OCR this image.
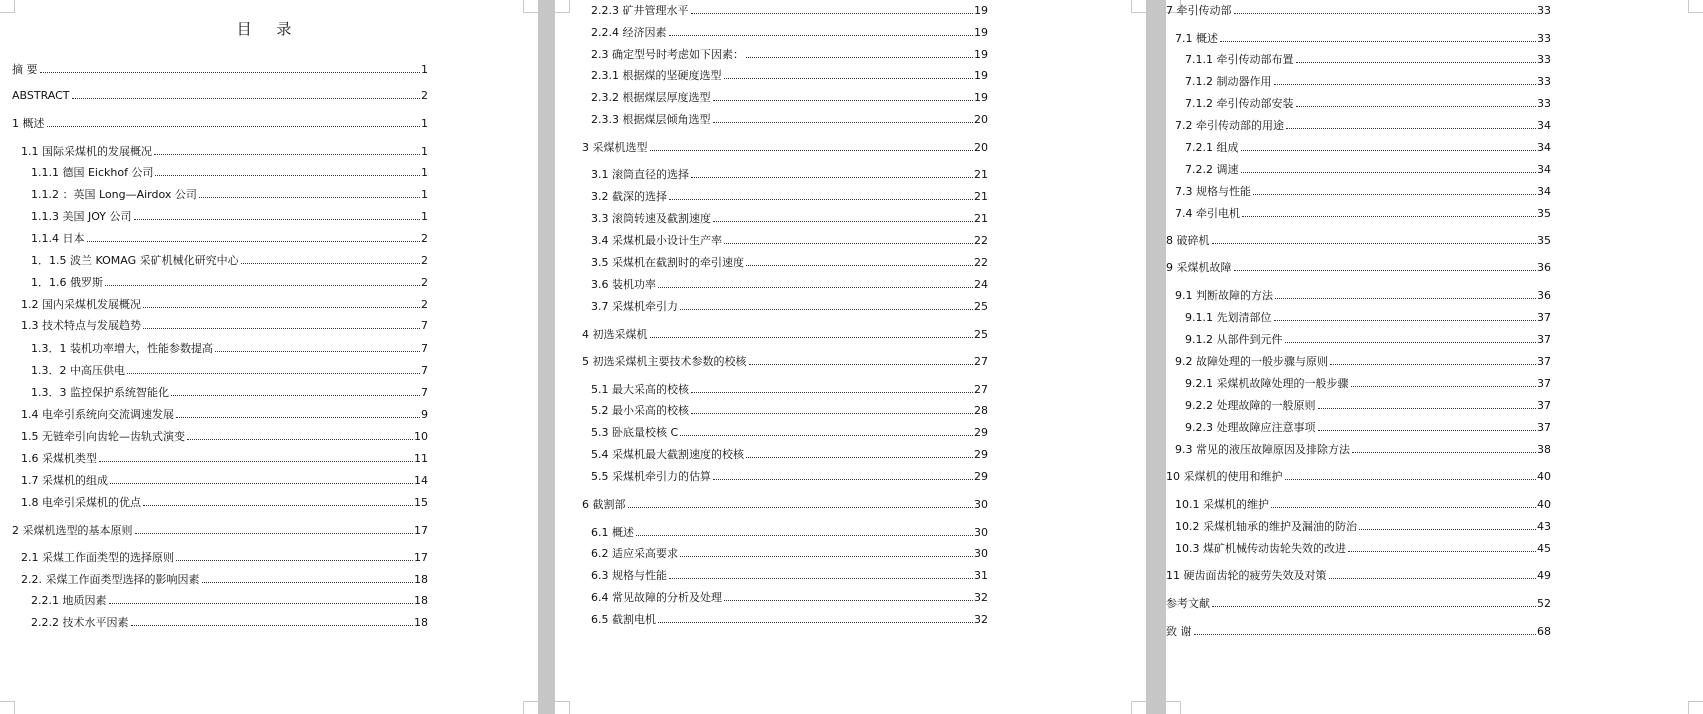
目 录
摘 要	1
ABSTRACT	2
1 概述	1
1.1 国际采煤机的发展概况	1
1.1.1 德国 Eickhof 公司	1
1.1.2 ：英国 Long—Airdox 公司	1
1.1.3 美国 JOY 公司	1
1.1.4 日本	2
1．1.5 波兰 KOMAG 采矿机械化研究中心	2
1．1.6 俄罗斯	2
1.2 国内采煤机发展概况	2
1.3 技术特点与发展趋势	7
1.3．1 装机功率增大，性能参数提高	7
1.3．2 中高压供电	7
1.3．3 监控保护系统智能化	7
1.4 电牵引系统向交流调速发展	9
1.5 无链牵引向齿轮—齿轨式演变	10
1.6 采煤机类型	11
1.7 采煤机的组成	14
1.8 电牵引采煤机的优点	15
2 采煤机选型的基本原则	17
2.1 采煤工作面类型的选择原则	17
2.2. 采煤工作面类型选择的影响因素	18
2.2.1 地质因素	18
2.2.2 技术水平因素	18
2.2.3 矿井管理水平	19
2.2.4 经济因素	19
2.3 确定型号时考虑如下因素：	19
2.3.1 根据煤的坚硬度选型	19
2.3.2 根据煤层厚度选型	19
2.3.3 根据煤层倾角选型	20
3 采煤机选型	20
3.1 滚筒直径的选择	21
3.2 截深的选择	21
3.3 滚筒转速及截割速度	21
3.4 采煤机最小设计生产率	22
3.5 采煤机在截割时的牵引速度	22
3.6 装机功率	24
3.7 采煤机牵引力	25
4 初选采煤机	25
5 初选采煤机主要技术参数的校核	27
5.1 最大采高的校核	27
5.2 最小采高的校核	28
5.3 卧底量校核 C	29
5.4 采煤机最大截割速度的校核	29
5.5 采煤机牵引力的估算	29
6 截割部	30
6.1 概述	30
6.2 适应采高要求	30
6.3 规格与性能	31
6.4 常见故障的分析及处理	32
6.5 截割电机	32
7 牵引传动部	33
7.1 概述	33
7.1.1 牵引传动部布置	33
7.1.2 制动器作用	33
7.1.2 牵引传动部安装	33
7.2 牵引传动部的用途	34
7.2.1 组成	34
7.2.2 调速	34
7.3 规格与性能	34
7.4 牵引电机	35
8 破碎机	35
9 采煤机故障	36
9.1 判断故障的方法	36
9.1.1 先划清部位	37
9.1.2 从部件到元件	37
9.2 故障处理的一般步骤与原则	37
9.2.1 采煤机故障处理的一般步骤	37
9.2.2 处理故障的一般原则	37
9.2.3 处理故障应注意事项	37
9.3 常见的液压故障原因及排除方法	38
10 采煤机的使用和维护	40
10.1 采煤机的维护	40
10.2 采煤机轴承的维护及漏油的防治	43
10.3 煤矿机械传动齿轮失效的改进	45
11 硬齿面齿轮的疲劳失效及对策	49
参考文献	52
致 谢	68
